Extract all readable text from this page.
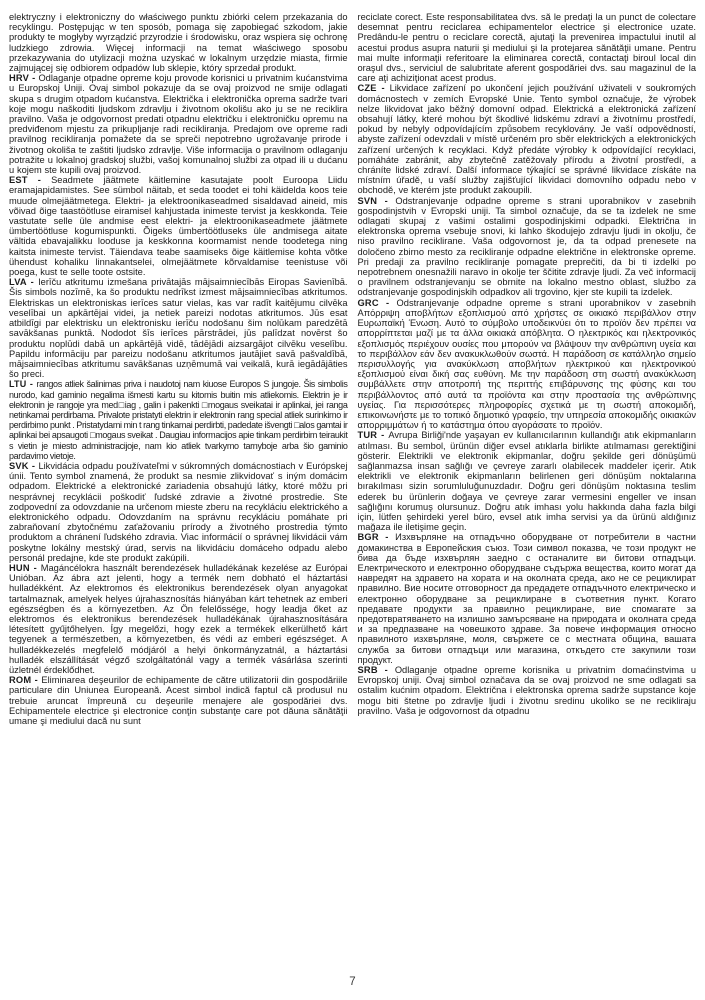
elektryczny i elektroniczny do właściwego punktu zbiórki celem przekazania do recyklingu. Postępując w ten sposób, pomaga się zapobiegać szkodom, jakie produkty te mogłyby wyrządzić przyrodzie i środowisku, oraz wspiera się ochronę ludzkiego zdrowia. Więcej informacji na temat właściwego sposobu przekazywania do utylizacji można uzyskać w lokalnym urzędzie miasta, firmie zajmującej się odbiorem odpadów lub sklepie, który sprzedał produkt.

HRV - Odlaganje otpadne opreme koju provode korisnici u privatnim kućanstvima u Europskoj Uniji. Ovaj simbol pokazuje da se ovaj proizvod ne smije odlagati skupa s drugim otpadom kućanstva. Električka i elektronička oprema sadrže tvari koje mogu naškoditi ljudskom zdravlju i životnom okolišu ako ju se ne reciklira pravilno. Vaša je odgovornost predati otpadnu električku i elektroničku opremu na predviđenom mjestu za prikupljanje radi recikliranja. Predajom ove opreme radi pravilnog recikliranja pomažete da se spreči nepotrebno ugrožavanje prirode i životnog okoliša te zaštiti ljudsko zdravlje. Više informacija o pravilnom odlaganju potražite u lokalnoj gradskoj službi, vašoj komunalnoj službi za otpad ili u dućanu u kojem ste kupili ovaj proizvod.

EST - Seadmete jäätmete käitlemine kasutajate poolt Euroopa Liidu eramajapidamistes. See sümbol näitab, et seda toodet ei tohi käidelda koos teie muude olmejäätmetega. Elektri- ja elektroonikaseadmed sisaldavad aineid, mis võivad õige taastöötluse eiramisel kahjustada inimeste tervist ja keskkonda. Teie vastutate selle üle andmise eest elektri- ja elektroonikaseadmete jäätmete ümbertöötluse kogumispunkti. Õigeks ümbertöötluseks üle andmisega aitate vältida ebavajalikku looduse ja keskkonna koormamist nende toodetega ning kaitsta inimeste tervist. Täiendava teabe saamiseks õige käitlemise kohta võtke ühendust kohaliku linnakantselei, olmejäätmete kõrvaldamise teenistuse või poega, kust te selle toote ostsite.

LVA - Ierīču atkritumu izmešana privātajās mājsaimniecībās Eiropas Savienībā. Šis simbols nozīmē, ka šo produktu nedrīkst izmest mājsaimniecības atkritumos. Elektriskas un elektroniskas ierīces satur vielas, kas var radīt kaitējumu cilvēka veselībai un apkārtējai videi, ja netiek pareizi nodotas atkritumos. Jūs esat atbildīgi par elektrisku un elektronisku ierīču nodošanu šim nolūkam paredzētā savākšanas punktā. Nododot šīs ierīces pārstrādei, jūs palīdzat novērst šo produktu noplūdi dabā un apkārtējā vidē, tādējādi aizsargājot cilvēku veselību. Papildu informāciju par pareizu nodošanu atkritumos jautājiet savā pašvaldībā, mājsaimniecības atkritumu savākšanas uzņēmumā vai veikalā, kurā iegādājāties šo preci.

LTU - rangos atliek šalinimas priva i naudotoj nam kiuose Europos S jungoje. Šis simbolis nurodo, kad gaminio negalima išmesti kartu su kitomis buitin mis atliekomis. Elektrin je ir elektronin je rangoje yra med□iag , galin i pakenkti □mogaus sveikatai ir aplinkai, jei ranga netinkamai perdirbama. Privalote pristatyti elektrin ir elektronin rang special atliek surinkimo ir perdirbimo punkt . Pristatydami min t rang tinkamai perdirbti, padedate išvengti □alos gamtai ir aplinkai bei apsaugoti □mogaus sveikat . Daugiau informacijos apie tinkam perdirbim teiraukit s vietin je miesto administracijoje, nam kio atliek tvarkymo tarnyboje arba šio gaminio pardavimo vietoje.

SVK - Likvidácia odpadu používateľmi v súkromných domácnostiach v Európskej únii. Tento symbol znamená, že produkt sa nesmie zlikvidovať s iným domácim odpadom. Elektrické a elektronické zariadenia obsahujú látky, ktoré môžu pri nesprávnej recyklácii poškodiť ľudské zdravie a životné prostredie. Ste zodpovední za odovzdanie na určenom mieste zberu na recykláciu elektrického a elektronického odpadu. Odovzdaním na správnu recykláciu pomáhate pri zabraňovaní zbytočnému zaťažovaniu prírody a životného prostredia týmto produktom a chránení ľudského zdravia. Viac informácií o správnej likvidácii vám poskytne lokálny mestský úrad, servis na likvidáciu domáceho odpadu alebo personál predajne, kde ste produkt zakúpili.

HUN - Magáncélokra használt berendezések hulladékának kezelése az Európai Unióban. Az ábra azt jelenti, hogy a termék nem dobható el háztartási hulladékként. Az elektromos és elektronikus berendezések olyan anyagokat tartalmaznak, amelyek helyes újrahasznosítás hiányában kárt tehetnek az emberi egészségben és a környezetben. Az Ön felelőssége, hogy leadja őket az elektromos és elektronikus berendezések hulladékának újrahasznosítására létesített gyűjtőhelyen. Így megelőzi, hogy ezek a termékek elkerülhető kárt tegyenek a természetben, a környezetben, és védi az emberi egészséget. A hulladékkezelés megfelelő módjáról a helyi önkormányzatnál, a háztartási hulladék elszállítását végző szolgáltatónál vagy a termék vásárlása szerinti üzletnél érdeklődhet.

ROM - Eliminarea deşeurilor de echipamente de către utilizatorii din gospodăriile particulare din Uniunea Europeană. Acest simbol indică faptul că produsul nu trebuie aruncat împreună cu deşeurile menajere ale gospodăriei dvs. Echipamentele electrice şi electronice conţin substanţe care pot dăuna sănătăţii umane şi mediului dacă nu sunt

reciclate corect. Este responsabilitatea dvs. să le predaţi la un punct de colectare desemnat pentru reciclarea echipamentelor electrice şi electronice uzate. Predându-le pentru o reciclare corectă, ajutaţi la prevenirea impactului inutil al acestui produs asupra naturii şi mediului şi la protejarea sănătăţii umane. Pentru mai multe informaţii referitoare la eliminarea corectă, contactaţi biroul local din oraşul dvs., serviciul de salubritate aferent gospodăriei dvs. sau magazinul de la care aţi achiziţionat acest produs.

CZE - Likvidace zařízení po ukončení jejich používání uživateli v soukromých domácnostech v zemích Evropské Unie. Tento symbol označuje, že výrobek nelze likvidovat jako běžný domovní odpad. Elektrická a elektronická zařízení obsahují látky, které mohou být škodlivé lidskému zdraví a životnímu prostředí, pokud by nebyly odpovídajícím způsobem recyklovány. Je vaší odpovědností, abyste zařízení odevzdali v místě určeném pro sběr elektrických a elektronických zařízení určených k recyklaci. Když předáte výrobky k odpovídající recyklaci, pomáháte zabránit, aby zbytečně zatěžovaly přírodu a životní prostředí, a chráníte lidské zdraví. Další informace týkající se správné likvidace získáte na místním úřadě, u vaší služby zajišťující likvidaci domovního odpadu nebo v obchodě, ve kterém jste produkt zakoupili.

SVN - Odstranjevanje odpadne opreme s strani uporabnikov v zasebnih gospodinjstvih v Evropski uniji. Ta simbol označuje, da se ta izdelek ne sme odlagati skupaj z vašimi ostalimi gospodinjskimi odpadki. Električna in elektronska oprema vsebuje snovi, ki lahko škodujejo zdravju ljudi in okolju, če niso pravilno reciklirane. Vaša odgovornost je, da ta odpad prenesete na določeno zbirno mesto za recikliranje odpadne električne in elektronske opreme. Pri predaji za pravilno recikliranje pomagate preprečiti, da bi ti izdelki po nepotrebnem onesnažili naravo in okolje ter ščitite zdravje ljudi. Za več informacij o pravilnem odstranjevanju se obrnite na lokalno mestno oblast, službo za odstranjevanje gospodinjskih odpadkov ali trgovino, kjer ste kupili ta izdelek.

GRC - Odstranjevanje odpadne opreme s strani uporabnikov v zasebnih Απόρριψη αποβλήτων εξοπλισμού από χρήστες σε οικιακό περιβάλλον στην Ευρωπαϊκή Ένωση. Αυτό το σύμβολο υποδεικνύει ότι το προϊόν δεν πρέπει να απορρίπτεται μαζί με τα άλλα οικιακά απόβλητα. Ο ηλεκτρικός και ηλεκτρονικός εξοπλισμός περιέχουν ουσίες που μπορούν να βλάψουν την ανθρώπινη υγεία και το περιβάλλον εάν δεν ανακυκλωθούν σωστά. Η παράδοση σε κατάλληλο σημείο περισυλλογής για ανακύκλωση αποβλήτων ηλεκτρικού και ηλεκτρονικού εξοπλισμού είναι δική σας ευθύνη. Με την παράδοση στη σωστή ανακύκλωση συμβάλλετε στην αποτροπή της περιττής επιβάρυνσης της φύσης και του περιβάλλοντος από αυτά τα προϊόντα και στην προστασία της ανθρώπινης υγείας. Για περισσότερες πληροφορίες σχετικά με τη σωστή αποκομιδή, επικοινωνήστε με το τοπικό δημοτικό γραφείο, την υπηρεσία αποκομιδής οικιακών απορριμμάτων ή το κατάστημα όπου αγοράσατε το προϊόν.

TUR - Avrupa Birliği'nde yaşayan ev kullanıcılarının kullandığı atık ekipmanların atılması. Bu sembol, ürünün diğer evsel atıklarla birlikte atılmaması gerektiğini gösterir. Elektrikli ve elektronik ekipmanlar, doğru şekilde geri dönüşümü sağlanmazsa insan sağlığı ve çevreye zararlı olabilecek maddeler içerir. Atık elektrikli ve elektronik ekipmanların belirlenen geri dönüşüm noktalarına bırakılması sizin sorumluluğunuzdadır. Doğru geri dönüşüm noktasına teslim ederek bu ürünlerin doğaya ve çevreye zarar vermesini engeller ve insan sağlığını korumuş olursunuz. Doğru atık imhası yolu hakkında daha fazla bilgi için, lütfen şehirdeki yerel büro, evsel atık imha servisi ya da ürünü aldığınız mağaza ile iletişime geçin.

BGR - Изхвърляне на отпадъчно оборудване от потребители в частни домакинства в Европейския съюз. Този символ показва, че този продукт не бива да бъде изхвърлян заедно с останалите ви битови отпадъци. Електрическото и електронно оборудване съдържа вещества, които могат да навредят на здравето на хората и на околната среда, ако не се рециклират правилно. Вие носите отговорност да предадете отпадъчното електрическо и електронно оборудване за рециклиране в съответния пункт. Когато предавате продукти за правилно рециклиране, вие спомагате за предотвратяването на излишно замърсяване на природата и околната среда и за предпазване на човешкото здраве. За повече информация относно правилното изхвърляне, моля, свържете се с местната община, вашата служба за битови отпадъци или магазина, откъдето сте закупили този продукт.

SRB - Odlaganje otpadne opreme korisnika u privatnim domaćinstvima u Evropskoj uniji. Ovaj simbol označava da se ovaj proizvod ne sme odlagati sa ostalim kućnim otpadom. Električna i elektronska oprema sadrže supstance koje mogu biti štetne po zdravlje ljudi i životnu sredinu ukoliko se ne recikliraju pravilno. Vaša je odgovornost da otpadnu

7
